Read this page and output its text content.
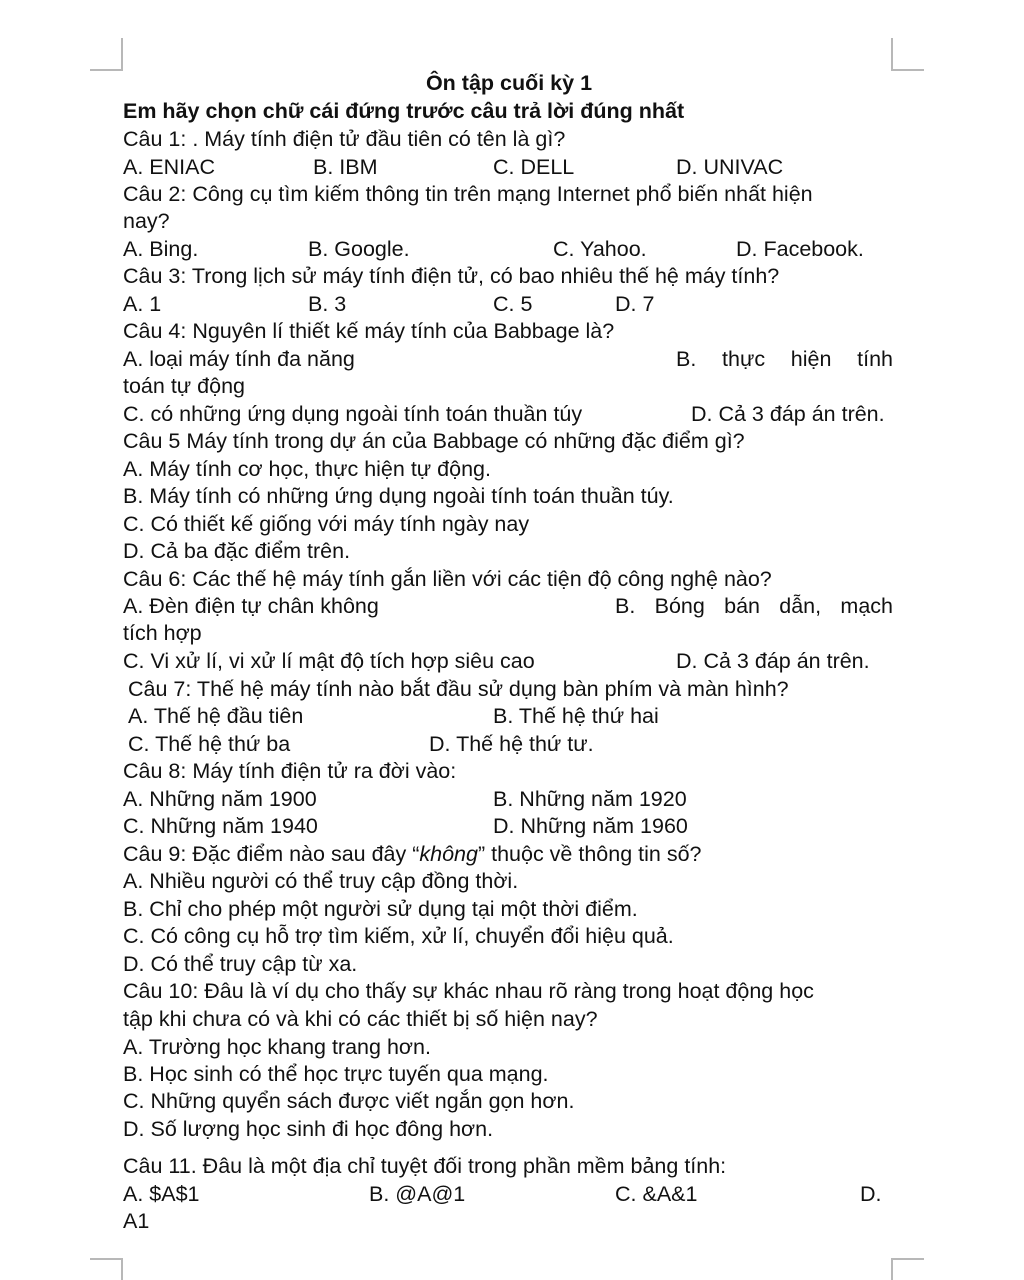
Ôn tập cuối kỳ 1
Em hãy chọn chữ cái đứng trước câu trả lời đúng nhất
Câu 1: . Máy tính điện tử đầu tiên có tên là gì?
A. ENIAC	B. IBM	C. DELL	D. UNIVAC
Câu 2: Công cụ tìm kiếm thông tin trên mạng Internet phổ biến nhất hiện
nay?
A. Bing.	B. Google.	C. Yahoo.	D. Facebook.
Câu 3: Trong lịch sử máy tính điện tử, có bao nhiêu thế hệ máy tính?
A. 1	B. 3	C. 5	D. 7
Câu 4: Nguyên lí thiết kế máy tính của Babbage là?
A. loại máy tính đa năng	B. thực hiện tính
toán tự động
C. có những ứng dụng ngoài tính toán thuần túy	D. Cả 3 đáp án trên.
Câu 5 Máy tính trong dự án của Babbage có những đặc điểm gì?
A. Máy tính cơ học, thực hiện tự động.
B. Máy tính có những ứng dụng ngoài tính toán thuần túy.
C. Có thiết kế giống với máy tính ngày nay
D. Cả ba đặc điểm trên.
Câu 6: Các thế hệ máy tính gắn liền với các tiện độ công nghệ nào?
A. Đèn điện tự chân không	B. Bóng bán dẫn, mạch
tích hợp
C. Vi xử lí, vi xử lí mật độ tích hợp siêu cao	D. Cả 3 đáp án trên.
Câu 7: Thế hệ máy tính nào bắt đầu sử dụng bàn phím và màn hình?
A. Thế hệ đầu tiên	B. Thế hệ thứ hai
C. Thế hệ thứ ba	D. Thế hệ thứ tư.
Câu 8: Máy tính điện tử ra đời vào:
A. Những năm 1900	B. Những năm 1920
C. Những năm 1940	D. Những năm 1960
Câu 9: Đặc điểm nào sau đây “không” thuộc về thông tin số?
A. Nhiều người có thể truy cập đồng thời.
B. Chỉ cho phép một người sử dụng tại một thời điểm.
C. Có công cụ hỗ trợ tìm kiếm, xử lí, chuyển đổi hiệu quả.
D. Có thể truy cập từ xa.
Câu 10: Đâu là ví dụ cho thấy sự khác nhau rõ ràng trong hoạt động học
tập khi chưa có và khi có các thiết bị số hiện nay?
A. Trường học khang trang hơn.
B. Học sinh có thể học trực tuyến qua mạng.
C. Những quyển sách được viết ngắn gọn hơn.
D. Số lượng học sinh đi học đông hơn.
Câu 11. Đâu là một địa chỉ tuyệt đối trong phần mềm bảng tính:
A. $A$1	B. @A@1	C. &A&1	D.
A1
